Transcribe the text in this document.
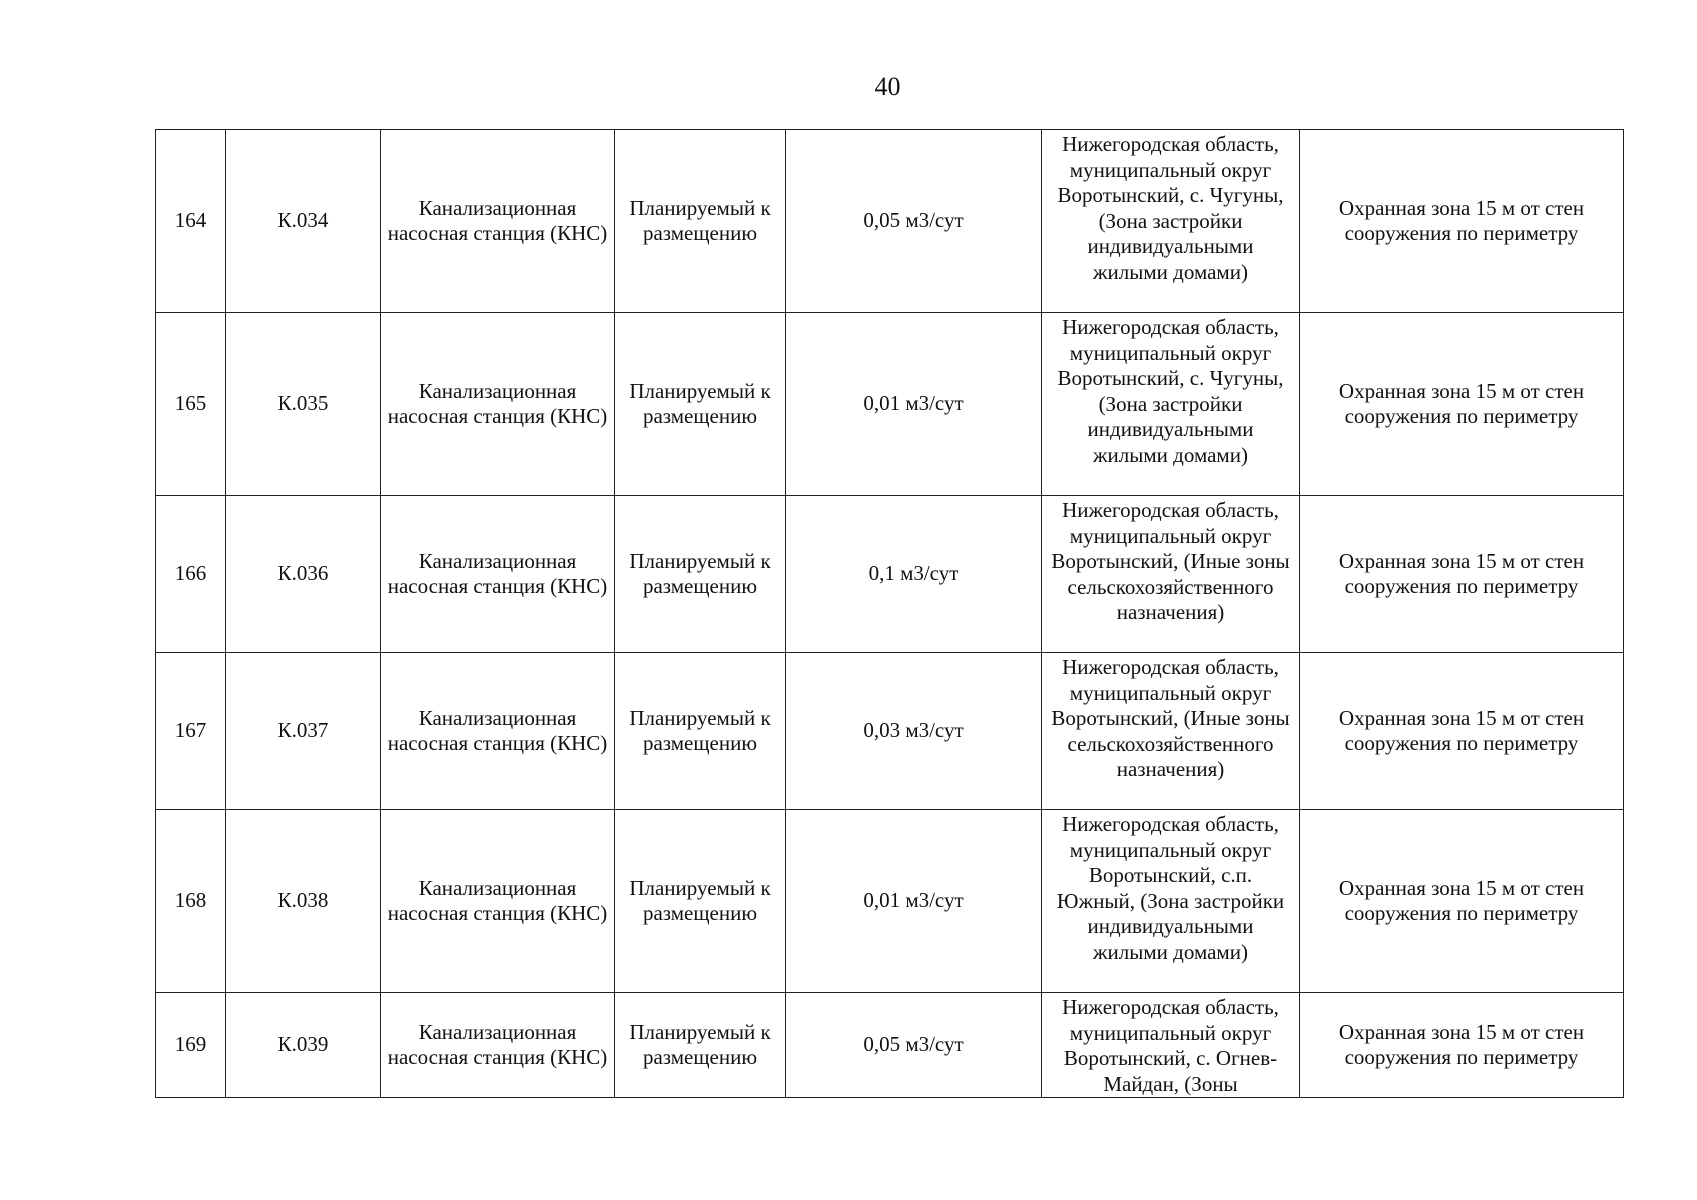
40
164	К.034	Канализационная насосная станция (КНС)	Планируемый к размещению	0,05 м3/сут	Нижегородская область, муниципальный округ Воротынский, с. Чугуны, (Зона застройки индивидуальными жилыми домами)	Охранная зона 15 м от стен сооружения по периметру
165	К.035	Канализационная насосная станция (КНС)	Планируемый к размещению	0,01 м3/сут	Нижегородская область, муниципальный округ Воротынский, с. Чугуны, (Зона застройки индивидуальными жилыми домами)	Охранная зона 15 м от стен сооружения по периметру
166	К.036	Канализационная насосная станция (КНС)	Планируемый к размещению	0,1 м3/сут	Нижегородская область, муниципальный округ Воротынский, (Иные зоны сельскохозяйственного назначения)	Охранная зона 15 м от стен сооружения по периметру
167	К.037	Канализационная насосная станция (КНС)	Планируемый к размещению	0,03 м3/сут	Нижегородская область, муниципальный округ Воротынский, (Иные зоны сельскохозяйственного назначения)	Охранная зона 15 м от стен сооружения по периметру
168	К.038	Канализационная насосная станция (КНС)	Планируемый к размещению	0,01 м3/сут	Нижегородская область, муниципальный округ Воротынский, с.п. Южный, (Зона застройки индивидуальными жилыми домами)	Охранная зона 15 м от стен сооружения по периметру
169	К.039	Канализационная насосная станция (КНС)	Планируемый к размещению	0,05 м3/сут	Нижегородская область, муниципальный округ Воротынский, с. Огнев-Майдан, (Зоны	Охранная зона 15 м от стен сооружения по периметру
